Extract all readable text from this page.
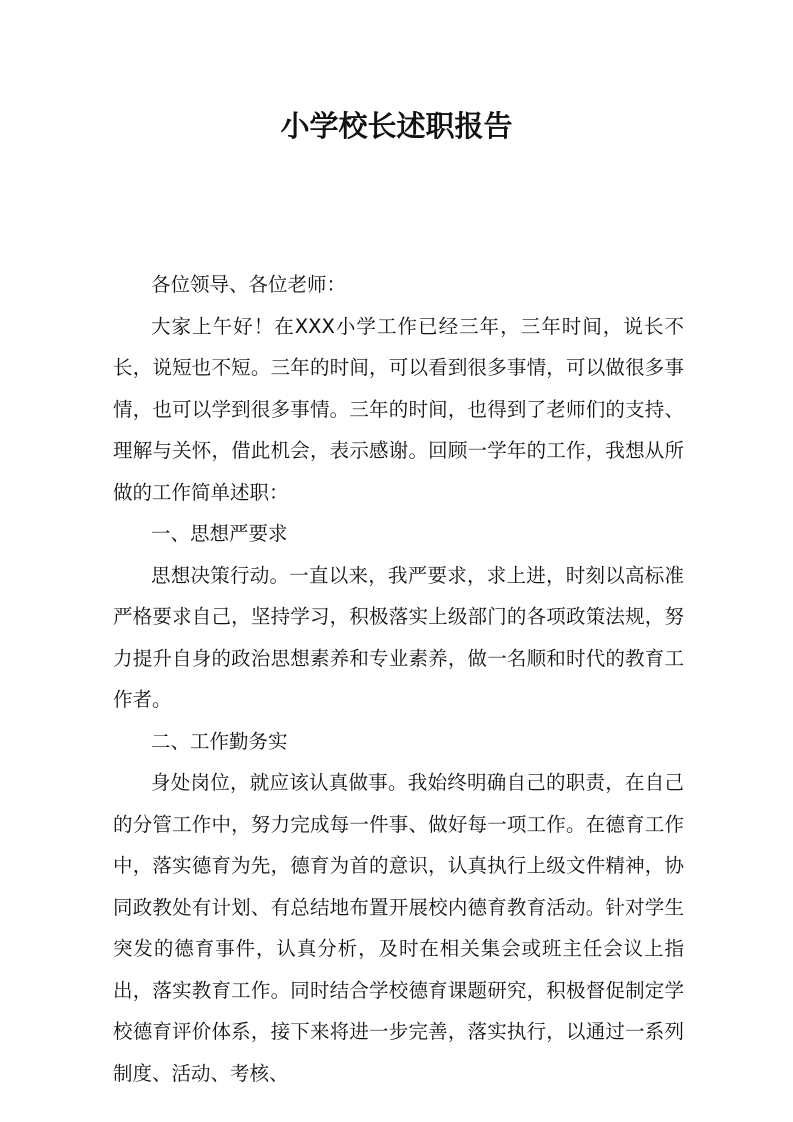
小学校长述职报告

各位领导、各位老师：

大家上午好！在XXX小学工作已经三年，三年时间，说长不长，说短也不短。三年的时间，可以看到很多事情，可以做很多事情，也可以学到很多事情。三年的时间，也得到了老师们的支持、理解与关怀，借此机会，表示感谢。回顾一学年的工作，我想从所做的工作简单述职：

一、思想严要求

思想决策行动。一直以来，我严要求，求上进，时刻以高标准严格要求自己，坚持学习，积极落实上级部门的各项政策法规，努力提升自身的政治思想素养和专业素养，做一名顺和时代的教育工作者。

二、工作勤务实

身处岗位，就应该认真做事。我始终明确自己的职责，在自己的分管工作中，努力完成每一件事、做好每一项工作。在德育工作中，落实德育为先，德育为首的意识，认真执行上级文件精神，协同政教处有计划、有总结地布置开展校内德育教育活动。针对学生突发的德育事件，认真分析，及时在相关集会或班主任会议上指出，落实教育工作。同时结合学校德育课题研究，积极督促制定学校德育评价体系，接下来将进一步完善，落实执行，以通过一系列制度、活动、考核、
